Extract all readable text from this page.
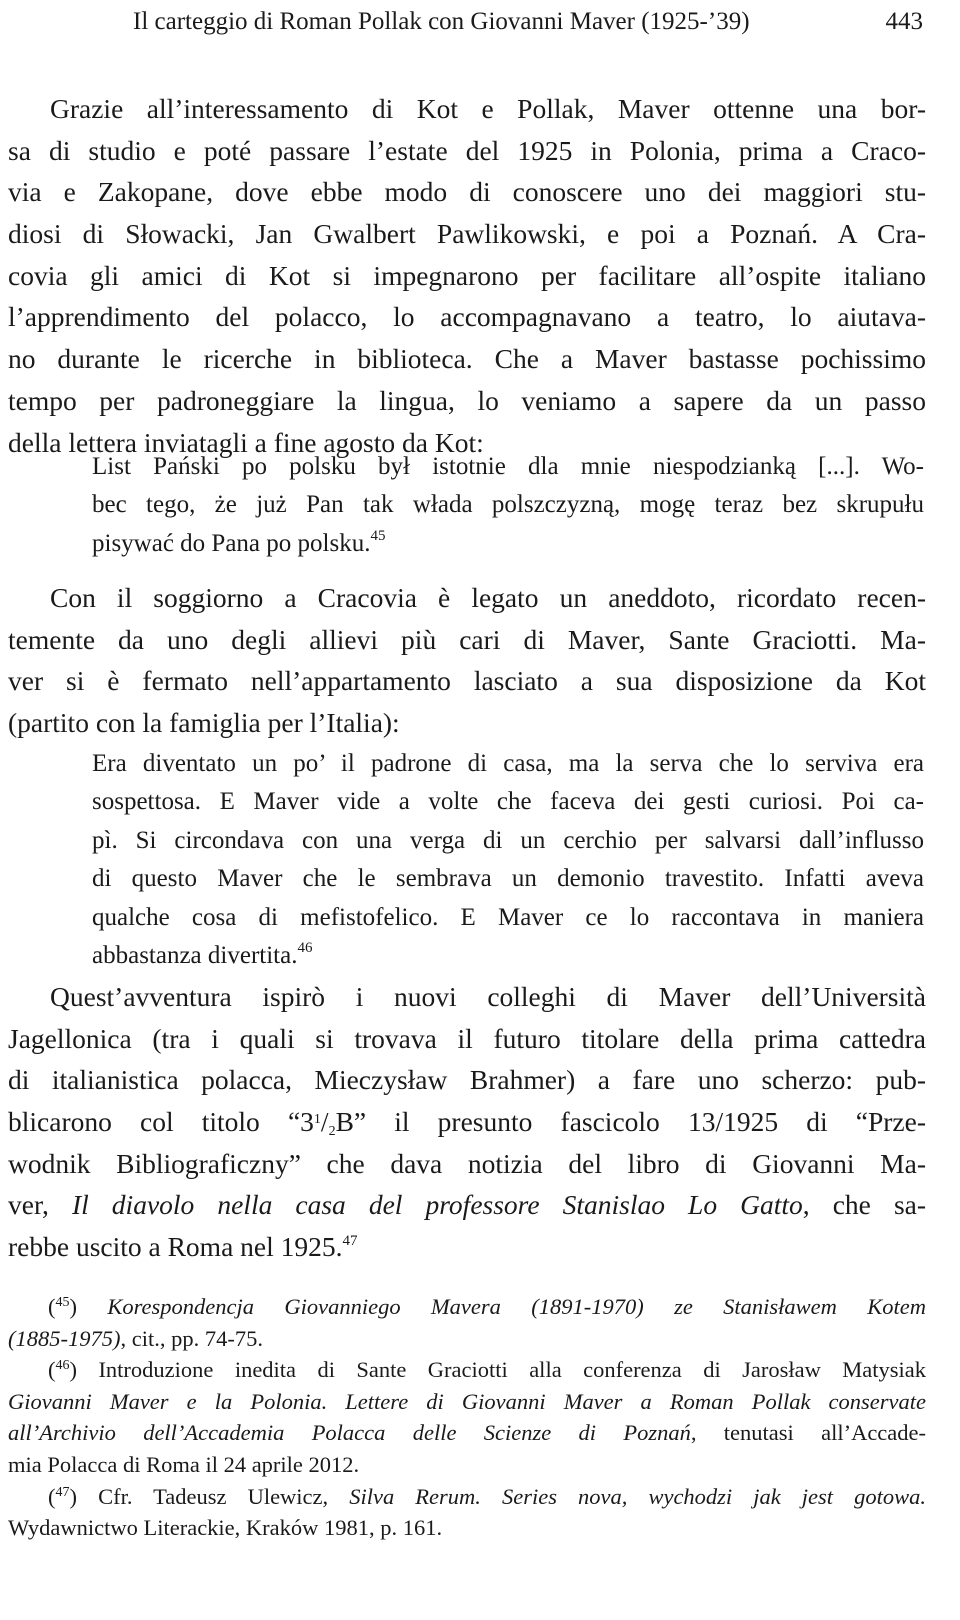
Il carteggio di Roman Pollak con Giovanni Maver (1925-’39)	443
Grazie all’interessamento di Kot e Pollak, Maver ottenne una bor-
sa di studio e poté passare l’estate del 1925 in Polonia, prima a Craco-
via e Zakopane, dove ebbe modo di conoscere uno dei maggiori stu-
diosi di Słowacki, Jan Gwalbert Pawlikowski, e poi a Poznań. A Cra-
covia gli amici di Kot si impegnarono per facilitare all’ospite italiano
l’apprendimento del polacco, lo accompagnavano a teatro, lo aiutava-
no durante le ricerche in biblioteca. Che a Maver bastasse pochissimo
tempo per padroneggiare la lingua, lo veniamo a sapere da un passo
della lettera inviatagli a fine agosto da Kot:
List Pański po polsku był istotnie dla mnie niespodzianką [...]. Wo-
bec tego, że już Pan tak włada polszczyzną, mogę teraz bez skrupułu
pisywać do Pana po polsku.$^{45}$
Con il soggiorno a Cracovia è legato un aneddoto, ricordato recen-
temente da uno degli allievi più cari di Maver, Sante Graciotti. Ma-
ver si è fermato nell’appartamento lasciato a sua disposizione da Kot
(partito con la famiglia per l’Italia):
Era diventato un po’ il padrone di casa, ma la serva che lo serviva era
sospettosa. E Maver vide a volte che faceva dei gesti curiosi. Poi ca-
pì. Si circondava con una verga di un cerchio per salvarsi dall’influsso
di questo Maver che le sembrava un demonio travestito. Infatti aveva
qualche cosa di mefistofelico. E Maver ce lo raccontava in maniera
abbastanza divertita.$^{46}$
Quest’avventura ispirò i nuovi colleghi di Maver dell’Università
Jagellonica (tra i quali si trovava il futuro titolare della prima cattedra
di italianistica polacca, Mieczysław Brahmer) a fare uno scherzo: pub-
blicarono col titolo “$3^1/2B$” il presunto fascicolo 13/1925 di “Prze-
wodnik Bibliograficzny” che dava notizia del libro di Giovanni Ma-
ver, Il diavolo nella casa del professore Stanislao Lo Gatto, che sa-
rebbe uscito a Roma nel 1925.47
($^{45}$) Korespondencja Giovanniego Mavera (1891-1970) ze Stanisławem Kotem
(1885-1975), cit., pp. 74-75.
($^{46}$) Introduzione inedita di Sante Graciotti alla conferenza di Jarosław Matysiak
Giovanni Maver e la Polonia. Lettere di Giovanni Maver a Roman Pollak conservate
all’Archivio dell’Accademia Polacca delle Scienze di Poznań, tenutasi all’Accade-
mia Polacca di Roma il 24 aprile 2012.
($^{47}$) Cfr. Tadeusz Ulewicz, Silva Rerum. Series nova, wychodzi jak jest gotowa.
Wydawnictwo Literackie, Kraków 1981, p. 161.
